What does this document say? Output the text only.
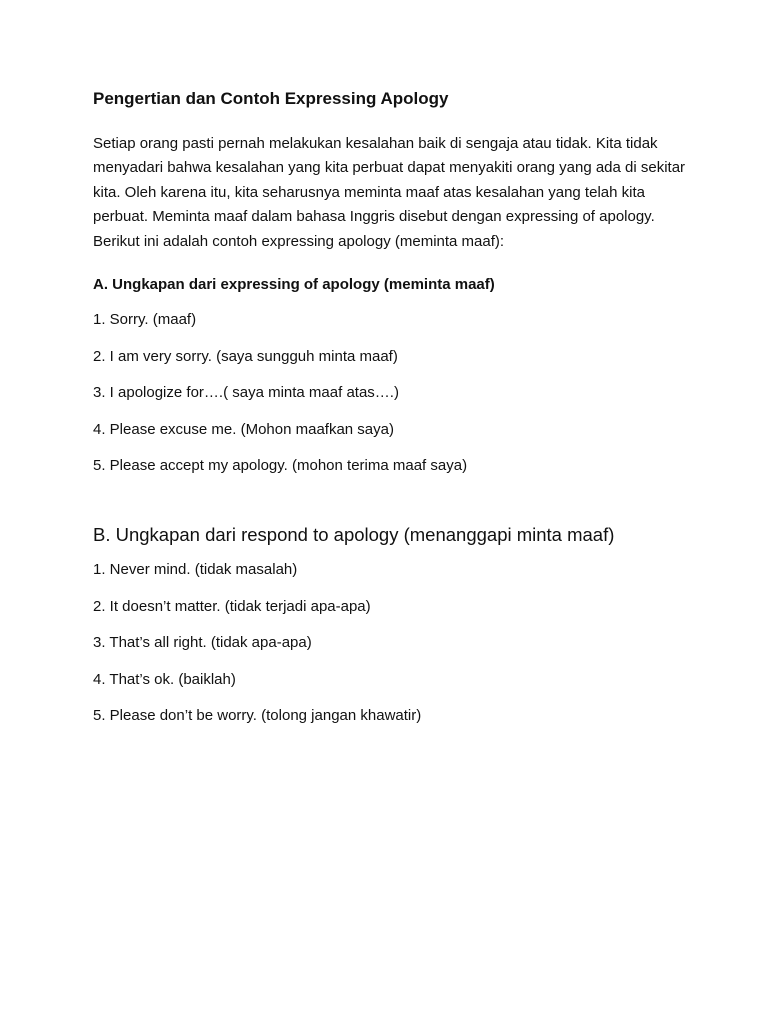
Pengertian dan Contoh Expressing Apology

Setiap orang pasti pernah melakukan kesalahan baik di sengaja atau tidak. Kita tidak menyadari bahwa kesalahan yang kita perbuat dapat menyakiti orang yang ada di sekitar kita. Oleh karena itu, kita seharusnya meminta maaf atas kesalahan yang telah kita perbuat. Meminta maaf dalam bahasa Inggris disebut dengan expressing of apology. Berikut ini adalah contoh expressing apology (meminta maaf):

A. Ungkapan dari expressing of apology (meminta maaf)
1. Sorry. (maaf)
2. I am very sorry. (saya sungguh minta maaf)
3. I apologize for….( saya minta maaf atas….)
4. Please excuse me. (Mohon maafkan saya)
5. Please accept my apology. (mohon terima maaf saya)
B. Ungkapan dari respond to apology (menanggapi minta maaf)
1. Never mind. (tidak masalah)
2. It doesn’t matter. (tidak terjadi apa-apa)
3. That’s all right. (tidak apa-apa)
4. That’s ok. (baiklah)
5. Please don’t be worry. (tolong jangan khawatir)
